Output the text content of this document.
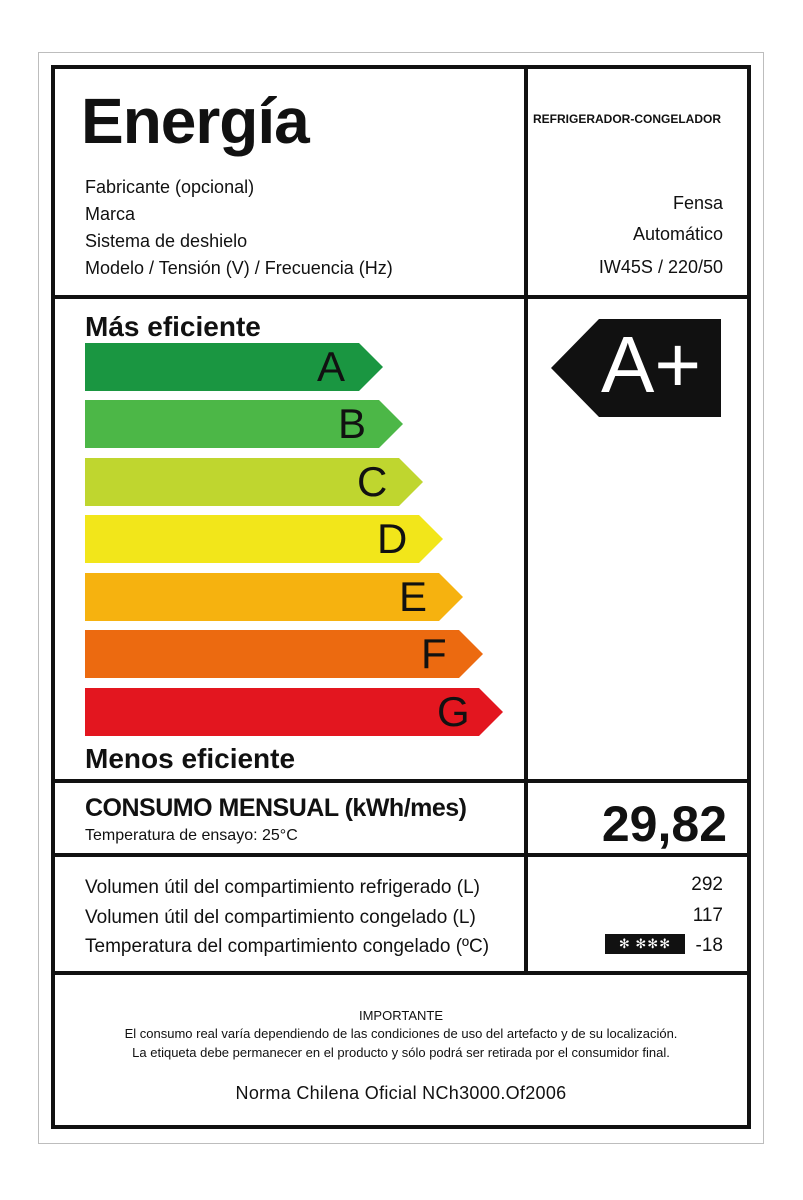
Energía	REFRIGERADOR-CONGELADOR
Fabricante (opcional)
Marca
Sistema de deshielo
Modelo / Tensión (V) / Frecuencia (Hz)
Fensa
Automático
IW45S / 220/50
Más eficiente
A
B
C
D
E
F
G
Menos eficiente
A+
CONSUMO MENSUAL (kWh/mes)
Temperatura de ensayo: 25°C	29,82
Volumen útil del compartimiento refrigerado (L)
Volumen útil del compartimiento congelado (L)
Temperatura del compartimiento congelado (ºC)
292
117
-18
✻ ✻✻✻
IMPORTANTE
El consumo real varía dependiendo de las condiciones de uso del artefacto y de su localización.
La etiqueta debe permanecer en el producto y sólo podrá ser retirada por el consumidor final.
Norma Chilena Oficial NCh3000.Of2006
